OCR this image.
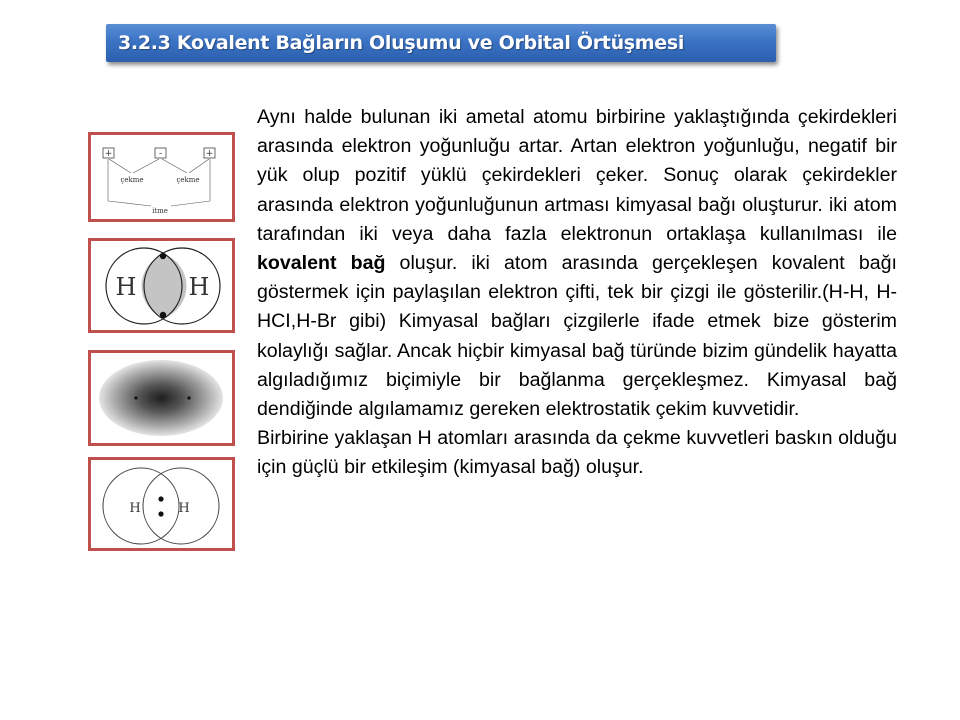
3.2.3 Kovalent Bağların Oluşumu ve Orbital Örtüşmesi
+	-	+
çekme	çekme
itme
H H
H	H

Aynı halde bulunan iki ametal atomu birbirine yaklaştığında çekirdekleri arasında elektron yoğunluğu artar. Artan elektron yoğunluğu, negatif bir yük olup pozitif yüklü çekirdekleri çeker. Sonuç olarak çekirdekler arasında elektron yoğunluğunun artması kimyasal bağı oluşturur. iki atom tarafından iki veya daha fazla elektronun ortaklaşa kullanılması ile kovalent bağ oluşur. iki atom arasında gerçekleşen kovalent bağı göstermek için paylaşılan elektron çifti, tek bir çizgi ile gösterilir.(H-H, H-HCI,H-Br gibi) Kimyasal bağları çizgilerle ifade etmek bize gösterim kolaylığı sağlar. Ancak hiçbir kimyasal bağ türünde bizim gündelik hayatta algıladığımız biçimiyle bir bağlanma gerçekleşmez. Kimyasal bağ dendiğinde algılamamız gereken elektrostatik çekim kuvvetidir.

Birbirine yaklaşan H atomları arasında da çekme kuvvetleri baskın olduğu için güçlü bir etkileşim (kimyasal bağ) oluşur.
